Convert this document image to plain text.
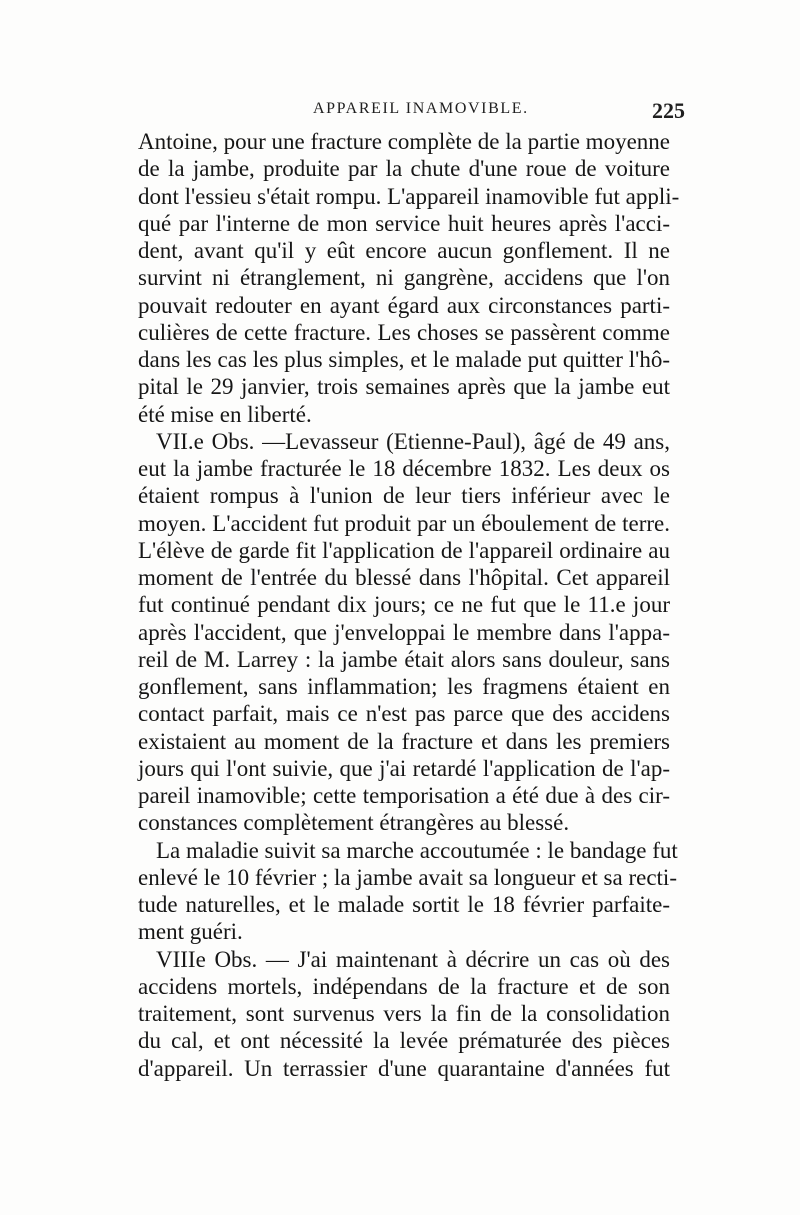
APPAREIL INAMOVIBLE.	225
Antoine, pour une fracture complète de la partie moyenne
de la jambe, produite par la chute d'une roue de voiture
dont l'essieu s'était rompu. L'appareil inamovible fut appli-
qué par l'interne de mon service huit heures après l'acci-
dent, avant qu'il y eût encore aucun gonflement. Il ne
survint ni étranglement, ni gangrène, accidens que l'on
pouvait redouter en ayant égard aux circonstances parti-
culières de cette fracture. Les choses se passèrent comme
dans les cas les plus simples, et le malade put quitter l'hô-
pital le 29 janvier, trois semaines après que la jambe eut
été mise en liberté.
VII.e Obs. —Levasseur (Etienne-Paul), âgé de 49 ans,
eut la jambe fracturée le 18 décembre 1832. Les deux os
étaient rompus à l'union de leur tiers inférieur avec le
moyen. L'accident fut produit par un éboulement de terre.
L'élève de garde fit l'application de l'appareil ordinaire au
moment de l'entrée du blessé dans l'hôpital. Cet appareil
fut continué pendant dix jours; ce ne fut que le 11.e jour
après l'accident, que j'enveloppai le membre dans l'appa-
reil de M. Larrey : la jambe était alors sans douleur, sans
gonflement, sans inflammation; les fragmens étaient en
contact parfait, mais ce n'est pas parce que des accidens
existaient au moment de la fracture et dans les premiers
jours qui l'ont suivie, que j'ai retardé l'application de l'ap-
pareil inamovible; cette temporisation a été due à des cir-
constances complètement étrangères au blessé.
La maladie suivit sa marche accoutumée : le bandage fut
enlevé le 10 février ; la jambe avait sa longueur et sa recti-
tude naturelles, et le malade sortit le 18 février parfaite-
ment guéri.
VIIIe Obs. — J'ai maintenant à décrire un cas où des
accidens mortels, indépendans de la fracture et de son
traitement, sont survenus vers la fin de la consolidation
du cal, et ont nécessité la levée prématurée des pièces
d'appareil. Un terrassier d'une quarantaine d'années fut
